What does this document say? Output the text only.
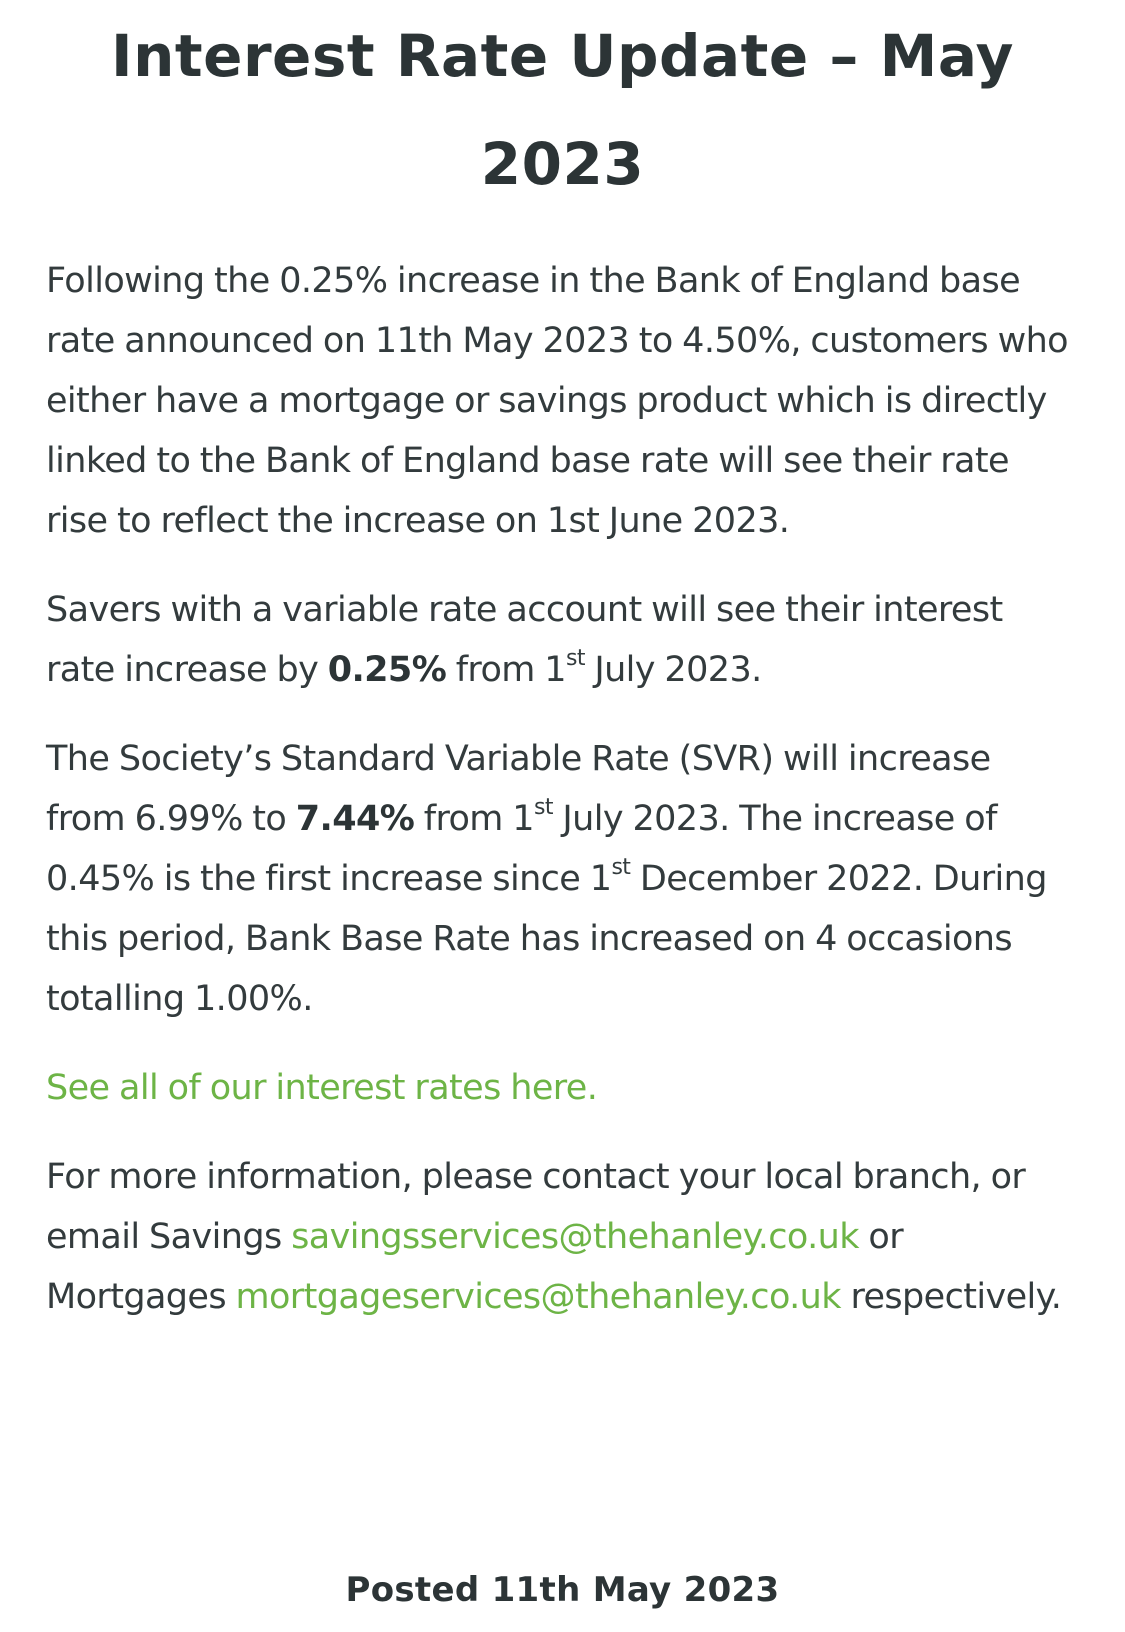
Interest Rate Update – May 2023

Following the 0.25% increase in the Bank of England base rate announced on 11th May 2023 to 4.50%, customers who either have a mortgage or savings product which is directly linked to the Bank of England base rate will see their rate rise to reflect the increase on 1st June 2023.

Savers with a variable rate account will see their interest rate increase by 0.25% from 1st July 2023.

The Society’s Standard Variable Rate (SVR) will increase from 6.99% to 7.44% from 1st July 2023. The increase of 0.45% is the first increase since 1st December 2022. During this period, Bank Base Rate has increased on 4 occasions totalling 1.00%.

See all of our interest rates here.

For more information, please contact your local branch, or email Savings savingsservices@thehanley.co.uk or Mortgages mortgageservices@thehanley.co.uk respectively.

Posted 11th May 2023
